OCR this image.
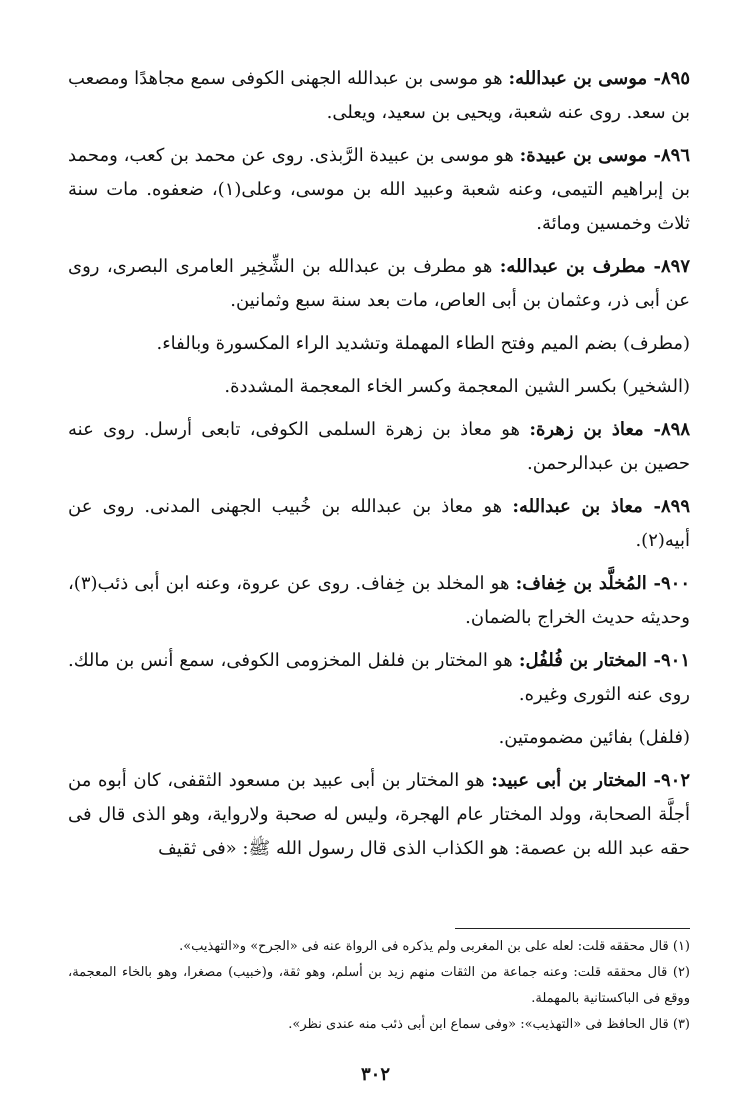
٨٩٥- موسى بن عبدالله: هو موسى بن عبدالله الجهنى الكوفى سمع مجاهدًا ومصعب بن سعد. روى عنه شعبة، ويحيى بن سعيد، ويعلى.

٨٩٦- موسى بن عبيدة: هو موسى بن عبيدة الرَّبذى. روى عن محمد بن كعب، ومحمد بن إبراهيم التيمى، وعنه شعبة وعبيد الله بن موسى، وعلى(١)، ضعفوه. مات سنة ثلاث وخمسين ومائة.

٨٩٧- مطرف بن عبدالله: هو مطرف بن عبدالله بن الشِّخِير العامرى البصرى، روى عن أبى ذر، وعثمان بن أبى العاص، مات بعد سنة سبع وثمانين.

(مطرف) بضم الميم وفتح الطاء المهملة وتشديد الراء المكسورة وبالفاء.

(الشخير) بكسر الشين المعجمة وكسر الخاء المعجمة المشددة.

٨٩٨- معاذ بن زهرة: هو معاذ بن زهرة السلمى الكوفى، تابعى أرسل. روى عنه حصين بن عبدالرحمن.

٨٩٩- معاذ بن عبدالله: هو معاذ بن عبدالله بن خُبيب الجهنى المدنى. روى عن أبيه(٢).

٩٠٠- المُخلَّد بن خِفاف: هو المخلد بن خِفاف. روى عن عروة، وعنه ابن أبى ذئب(٣)، وحديثه حديث الخراج بالضمان.

٩٠١- المختار بن فُلفُل: هو المختار بن فلفل المخزومى الكوفى، سمع أنس بن مالك. روى عنه الثورى وغيره.

(فلفل) بفائين مضمومتين.

٩٠٢- المختار بن أبى عبيد: هو المختار بن أبى عبيد بن مسعود الثقفى، كان أبوه من أجلَّة الصحابة، وولد المختار عام الهجرة، وليس له صحبة ولارواية، وهو الذى قال فى حقه عبد الله بن عصمة: هو الكذاب الذى قال رسول الله ﷺ: «فى ثقيف

(١) قال محققه قلت: لعله على بن المغربى ولم يذكره فى الرواة عنه فى «الجرح» و«التهذيب».

(٢) قال محققه قلت: وعنه جماعة من الثقات منهم زيد بن أسلم، وهو ثقة، و(خبيب) مصغرا، وهو بالخاء المعجمة، ووقع فى الباكستانية بالمهملة.

(٣) قال الحافظ فى «التهذيب»: «وفى سماع ابن أبى ذئب منه عندى نظر».

٣٠٢
